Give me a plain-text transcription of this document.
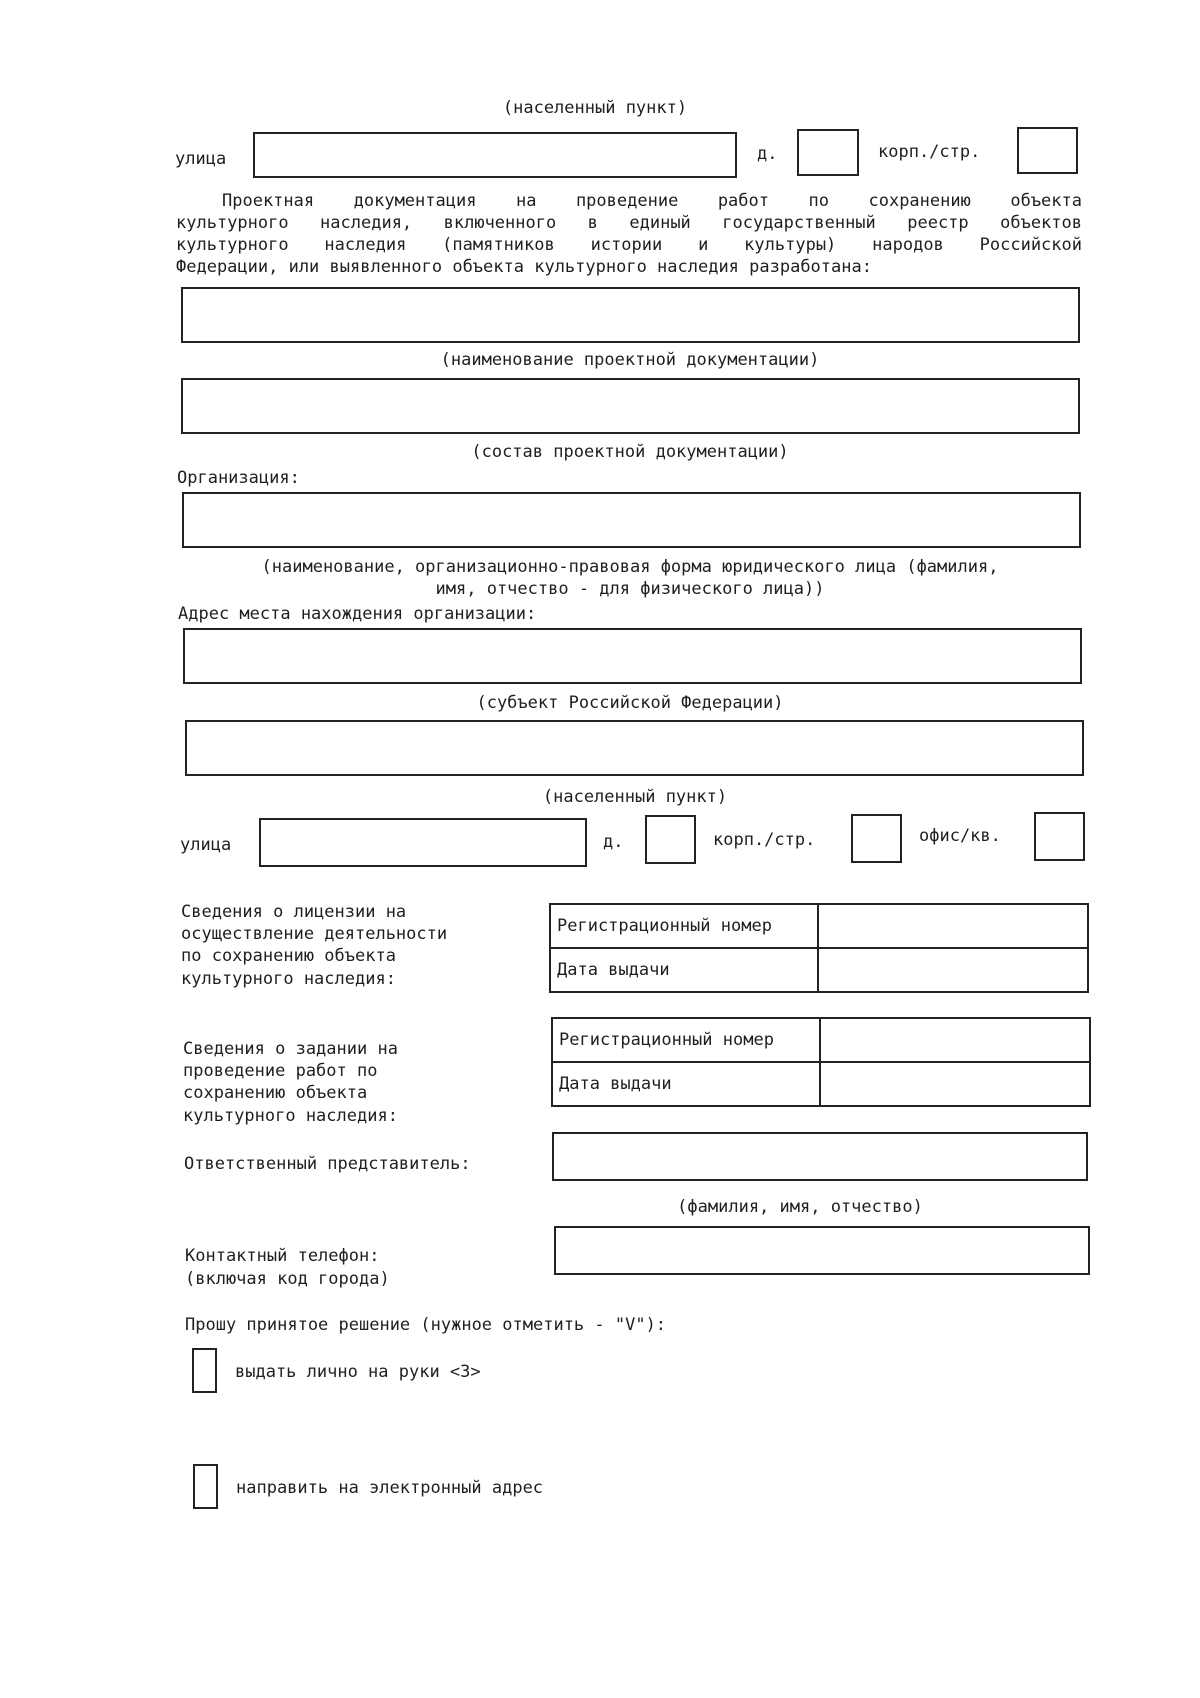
(населенный пункт)
улица	д.	корп./стр.
Проектная документация на проведение работ по сохранению объекта
культурного наследия, включенного в единый государственный реестр объектов
культурного наследия (памятников истории и культуры) народов Российской
Федерации, или выявленного объекта культурного наследия разработана:
(наименование проектной документации)
(состав проектной документации)
Организация:
(наименование, организационно-правовая форма юридического лица (фамилия,
имя, отчество - для физического лица))
Адрес места нахождения организации:
(субъект Российской Федерации)
(населенный пункт)
улица	д.	корп./стр.	офис/кв.
Сведения о лицензии на
осуществление деятельности
по сохранению объекта
культурного наследия:
Регистрационный номер	
Дата выдачи	
Сведения о задании на
проведение работ по
сохранению объекта
культурного наследия:
Регистрационный номер	
Дата выдачи	
Ответственный представитель:
(фамилия, имя, отчество)
Контактный телефон:
(включая код города)
Прошу принятое решение (нужное отметить - "V"):
выдать лично на руки <3>
направить на электронный адрес
